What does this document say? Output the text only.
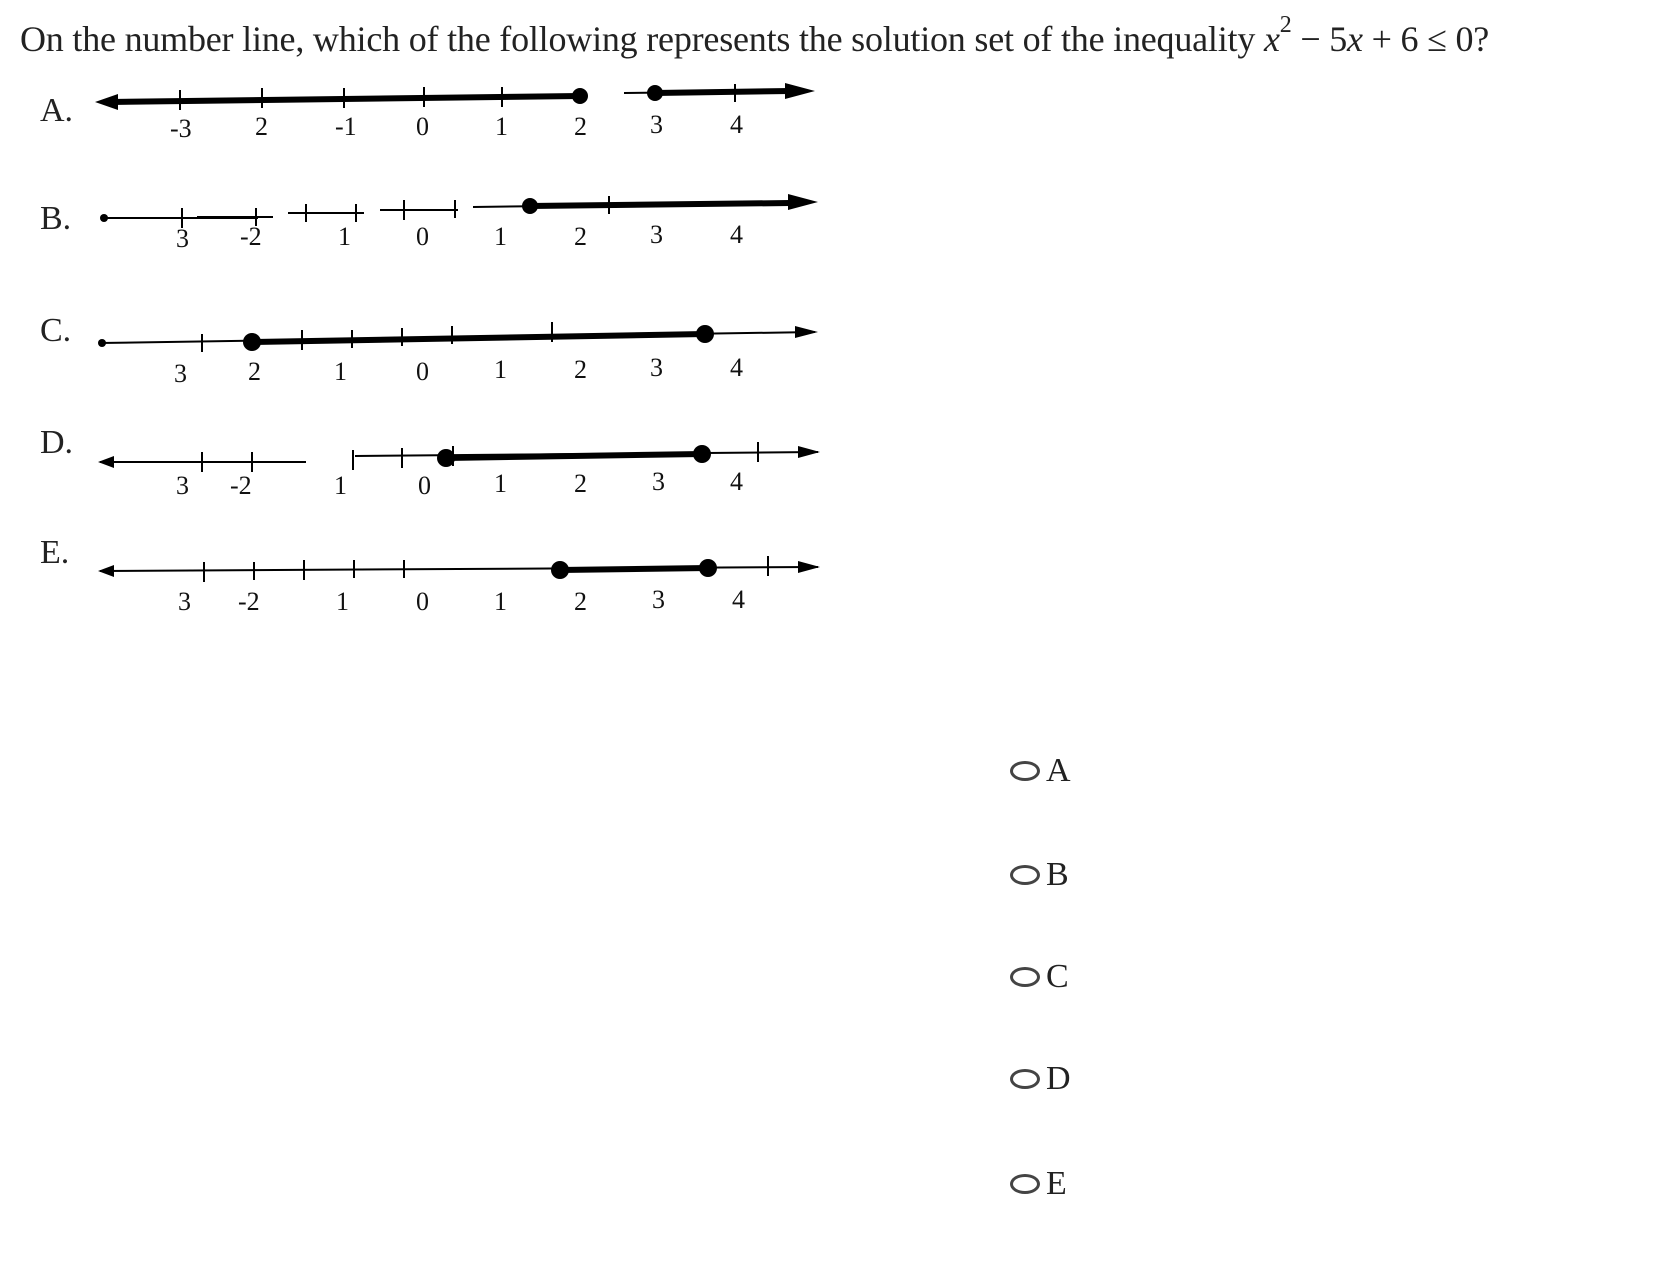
On the number line, which of the following represents the solution set of the inequality $x^2 - 5x + 6 \le 0$?
A.
B.
C.
D.
E.
-3 2	-1 0	1	2 3	4
3 -2	1	0	1	2 3	4
3 2	1	0	1	2 3	4
3 -2	1	0 1	2	3	4
3 -2	1	0	1	2	3	4
A
B
C
D
E
